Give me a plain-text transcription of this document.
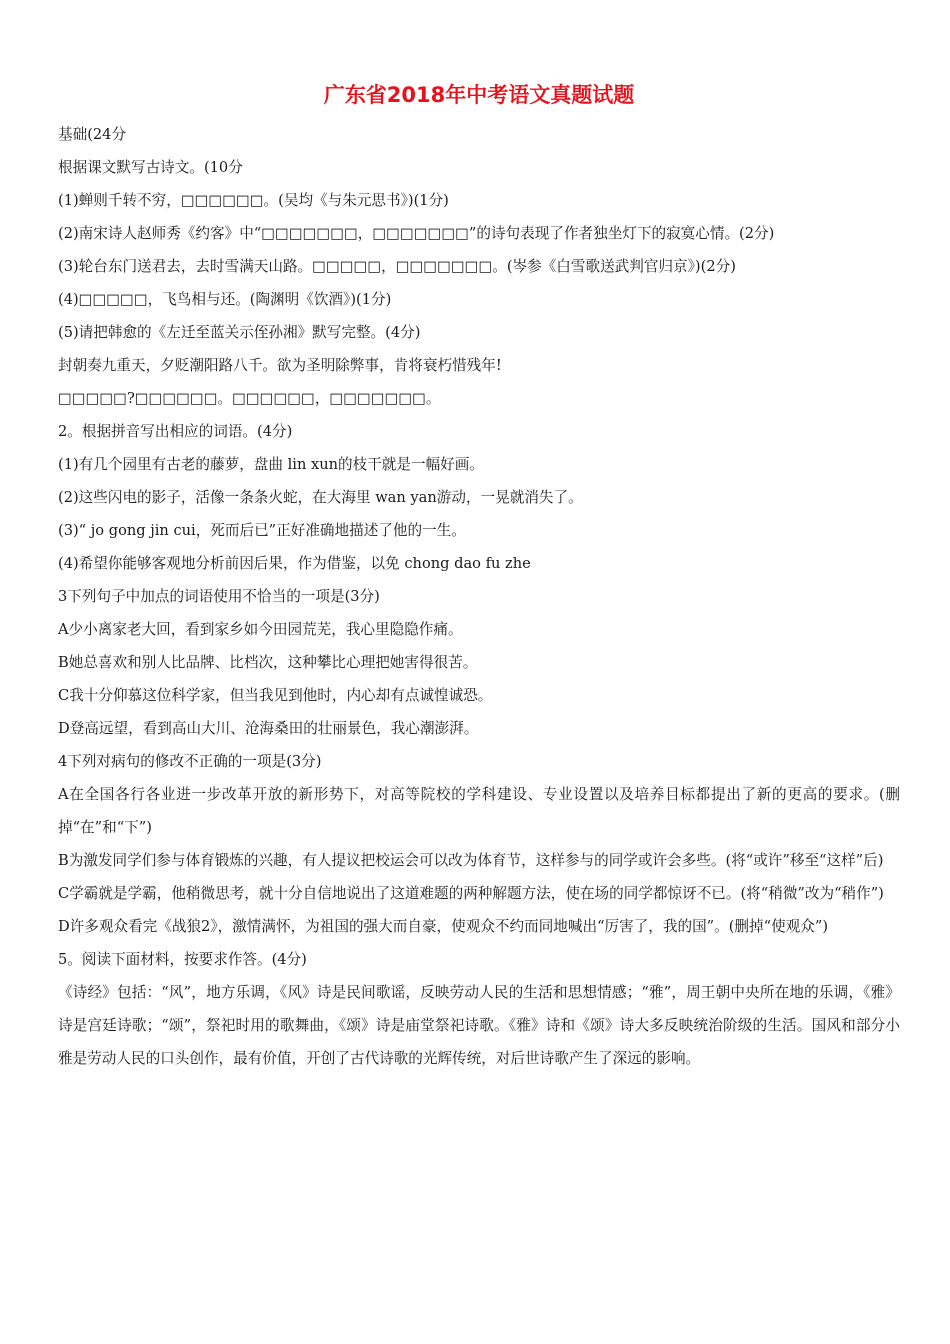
广东省2018年中考语文真题试题
基础(24分
根据课文默写古诗文。(10分
(1)蝉则千转不穷，□□□□□□。(吴均《与朱元思书》)(1分)
(2)南宋诗人赵师秀《约客》中“□□□□□□□，□□□□□□□”的诗句表现了作者独坐灯下的寂寞心情。(2分)
(3)轮台东门送君去，去时雪满天山路。□□□□□，□□□□□□□。(岑参《白雪歌送武判官归京》)(2分)
(4)□□□□□，飞鸟相与还。(陶渊明《饮酒》)(1分)
(5)请把韩愈的《左迁至蓝关示侄孙湘》默写完整。(4分)
封朝奏九重天，夕贬潮阳路八千。欲为圣明除弊事，肯将衰朽惜残年!
□□□□□?□□□□□□。□□□□□□，□□□□□□□。
2。根据拼音写出相应的词语。(4分)
(1)有几个园里有古老的藤萝，盘曲 lin xun的枝干就是一幅好画。
(2)这些闪电的影子，活像一条条火蛇，在大海里 wan yan游动，一晃就消失了。
(3)“ jo gong jin cui，死而后已”正好准确地描述了他的一生。
(4)希望你能够客观地分析前因后果，作为借鉴，以免 chong dao fu zhe
3下列句子中加点的词语使用不恰当的一项是(3分)
A少小离家老大回，看到家乡如今田园荒芜，我心里隐隐作痛。
B她总喜欢和别人比品牌、比档次，这种攀比心理把她害得很苦。
C我十分仰慕这位科学家，但当我见到他时，内心却有点诚惶诚恐。
D登高远望，看到高山大川、沧海桑田的壮丽景色，我心潮澎湃。
4下列对病句的修改不正确的一项是(3分)
A在全国各行各业进一步改革开放的新形势下，对高等院校的学科建设、专业设置以及培养目标都提出了新的更高的要求。(删掉“在”和“下”)
B为激发同学们参与体育锻炼的兴趣，有人提议把校运会可以改为体育节，这样参与的同学或许会多些。(将“或许”移至“这样”后)
C学霸就是学霸，他稍微思考，就十分自信地说出了这道难题的两种解题方法，使在场的同学都惊讶不已。(将“稍微”改为“稍作”)
D许多观众看完《战狼2》，激情满怀，为祖国的强大而自豪，使观众不约而同地喊出“厉害了，我的国”。(删掉“使观众”)
5。阅读下面材料，按要求作答。(4分)
《诗经》包括：“风”，地方乐调，《风》诗是民间歌谣，反映劳动人民的生活和思想情感；“雅”，周王朝中央所在地的乐调，《雅》诗是宫廷诗歌；“颂”，祭祀时用的歌舞曲，《颂》诗是庙堂祭祀诗歌。《雅》诗和《颂》诗大多反映统治阶级的生活。国风和部分小雅是劳动人民的口头创作，最有价值，开创了古代诗歌的光辉传统，对后世诗歌产生了深远的影响。
